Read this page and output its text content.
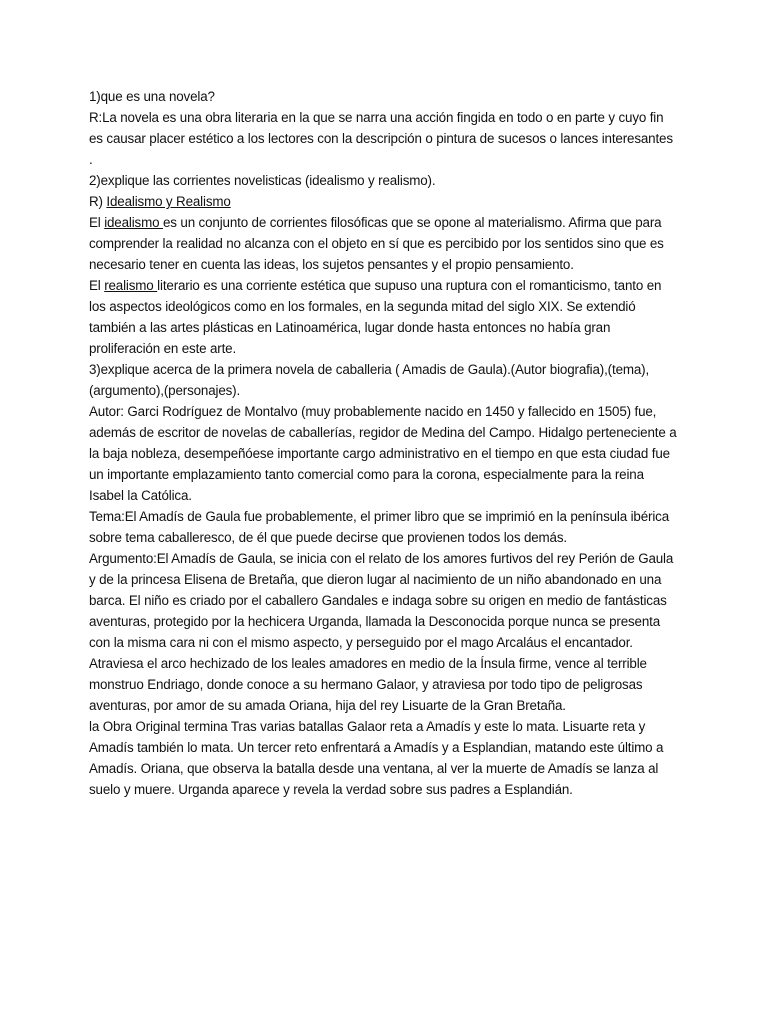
1)que es una novela?

R:La novela es una obra literaria en la que se narra una acción fingida en todo o en parte y cuyo fin es causar placer estético a los lectores con la descripción o pintura de sucesos o lances interesantes .

2)explique las corrientes novelisticas (idealismo y realismo).

R) Idealismo y Realismo

El idealismo es un conjunto de corrientes filosóficas que se opone al materialismo. Afirma que para comprender la realidad no alcanza con el objeto en sí que es percibido por los sentidos sino que es necesario tener en cuenta las ideas, los sujetos pensantes y el propio pensamiento.

El realismo literario es una corriente estética que supuso una ruptura con el romanticismo, tanto en los aspectos ideológicos como en los formales, en la segunda mitad del siglo XIX. Se extendió también a las artes plásticas en Latinoamérica, lugar donde hasta entonces no había gran proliferación en este arte.

3)explique acerca de la primera novela de caballeria ( Amadis de Gaula).(Autor biografia),(tema),(argumento),(personajes).

Autor: Garci Rodríguez de Montalvo (muy probablemente nacido en 1450 y fallecido en 1505) fue, además de escritor de novelas de caballerías, regidor de Medina del Campo. Hidalgo perteneciente a la baja nobleza, desempeñóese importante cargo administrativo en el tiempo en que esta ciudad fue un importante emplazamiento tanto comercial como para la corona, especialmente para la reina Isabel la Católica.

Tema:El Amadís de Gaula fue probablemente, el primer libro que se imprimió en la península ibérica sobre tema caballeresco, de él que puede decirse que provienen todos los demás.

Argumento:El Amadís de Gaula, se inicia con el relato de los amores furtivos del rey Perión de Gaula y de la princesa Elisena de Bretaña, que dieron lugar al nacimiento de un niño abandonado en una barca. El niño es criado por el caballero Gandales e indaga sobre su origen en medio de fantásticas aventuras, protegido por la hechicera Urganda, llamada la Desconocida porque nunca se presenta con la misma cara ni con el mismo aspecto, y perseguido por el mago Arcaláus el encantador. Atraviesa el arco hechizado de los leales amadores en medio de la Ínsula firme, vence al terrible monstruo Endriago, donde conoce a su hermano Galaor, y atraviesa por todo tipo de peligrosas aventuras, por amor de su amada Oriana, hija del rey Lisuarte de la Gran Bretaña.

la Obra Original termina Tras varias batallas Galaor reta a Amadís y este lo mata. Lisuarte reta y Amadís también lo mata. Un tercer reto enfrentará a Amadís y a Esplandian, matando este último a Amadís. Oriana, que observa la batalla desde una ventana, al ver la muerte de Amadís se lanza al suelo y muere. Urganda aparece y revela la verdad sobre sus padres a Esplandián.
